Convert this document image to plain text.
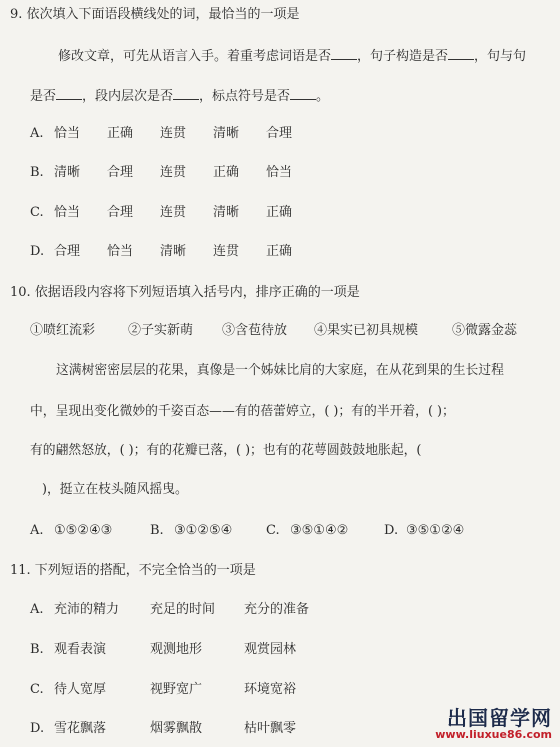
9. 依次填入下面语段横线处的词，最恰当的一项是
修改文章，可先从语言入手。着重考虑词语是否 ，句子构造是否 ，句与句
是否 ，段内层次是否 ，标点符号是否 。
A. 恰当 正确 连贯 清晰 合理
B. 清晰 合理 连贯 正确 恰当
C. 恰当 合理 连贯 清晰 正确
D. 合理 恰当 清晰 连贯 正确
10. 依据语段内容将下列短语填入括号内，排序正确的一项是
①喷红流彩	②子实新萌 ③含苞待放 ④果实已初具规模	⑤微露金蕊
这满树密密层层的花果，真像是一个姊妹比肩的大家庭，在从花到果的生长过程
中，呈现出变化微妙的千姿百态——有的蓓蕾婷立，( )；有的半开着，( )；
有的翩然怒放，( )；有的花瓣已落，( )；也有的花萼圆鼓鼓地胀起，(
)，挺立在枝头随风摇曳。
A. ①⑤②④③	B. ③①②⑤④	C. ③⑤①④②	D. ③⑤①②④
11. 下列短语的搭配，不完全恰当的一项是
A. 充沛的精力 充足的时间 充分的准备
B. 观看表演	观测地形	观赏园林
C. 待人宽厚	视野宽广	环境宽裕
D. 雪花飘落	烟雾飘散	枯叶飘零	出国留学网
www.liuxue86.com
